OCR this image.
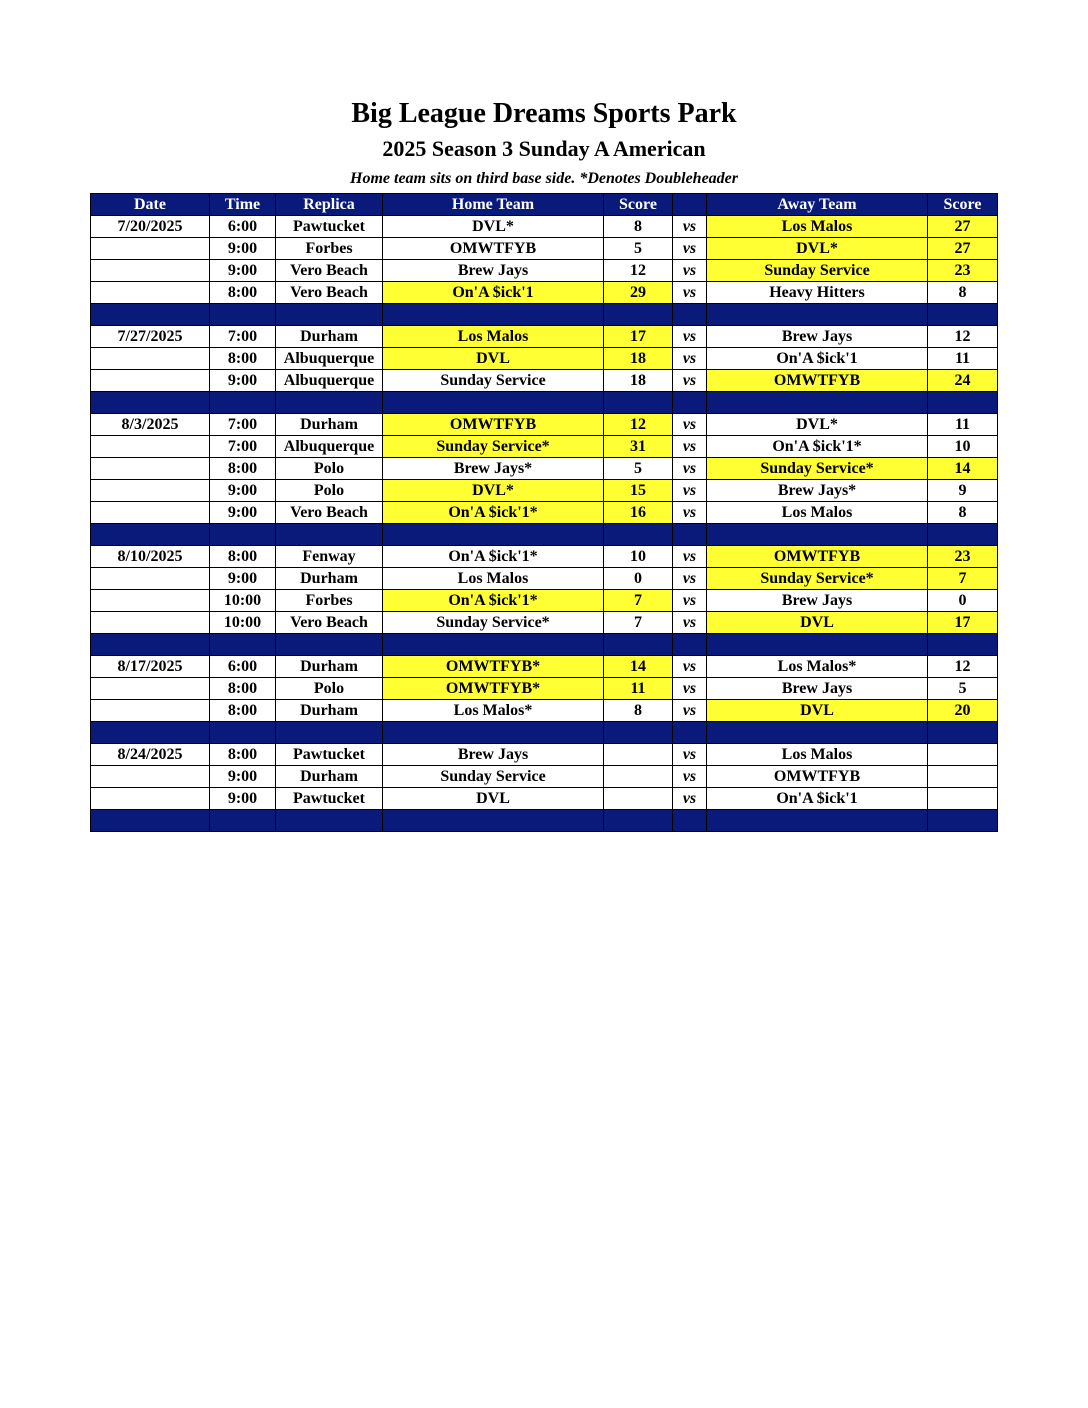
Big League Dreams Sports Park
2025 Season 3 Sunday A American
Home team sits on third base side. *Denotes Doubleheader
Date	Time	Replica	Home Team	Score		Away Team	Score
7/20/2025	6:00	Pawtucket	DVL*	8	vs	Los Malos	27
	9:00	Forbes	OMWTFYB	5	vs	DVL*	27
	9:00	Vero Beach	Brew Jays	12	vs	Sunday Service	23
	8:00	Vero Beach	On'A $ick'1	29	vs	Heavy Hitters	8

7/27/2025	7:00	Durham	Los Malos	17	vs	Brew Jays	12
	8:00	Albuquerque	DVL	18	vs	On'A $ick'1	11
	9:00	Albuquerque	Sunday Service	18	vs	OMWTFYB	24

8/3/2025	7:00	Durham	OMWTFYB	12	vs	DVL*	11
	7:00	Albuquerque	Sunday Service*	31	vs	On'A $ick'1*	10
	8:00	Polo	Brew Jays*	5	vs	Sunday Service*	14
	9:00	Polo	DVL*	15	vs	Brew Jays*	9
	9:00	Vero Beach	On'A $ick'1*	16	vs	Los Malos	8

8/10/2025	8:00	Fenway	On'A $ick'1*	10	vs	OMWTFYB	23
	9:00	Durham	Los Malos	0	vs	Sunday Service*	7
	10:00	Forbes	On'A $ick'1*	7	vs	Brew Jays	0
	10:00	Vero Beach	Sunday Service*	7	vs	DVL	17

8/17/2025	6:00	Durham	OMWTFYB*	14	vs	Los Malos*	12
	8:00	Polo	OMWTFYB*	11	vs	Brew Jays	5
	8:00	Durham	Los Malos*	8	vs	DVL	20

8/24/2025	8:00	Pawtucket	Brew Jays		vs	Los Malos	
	9:00	Durham	Sunday Service		vs	OMWTFYB	
	9:00	Pawtucket	DVL		vs	On'A $ick'1	
